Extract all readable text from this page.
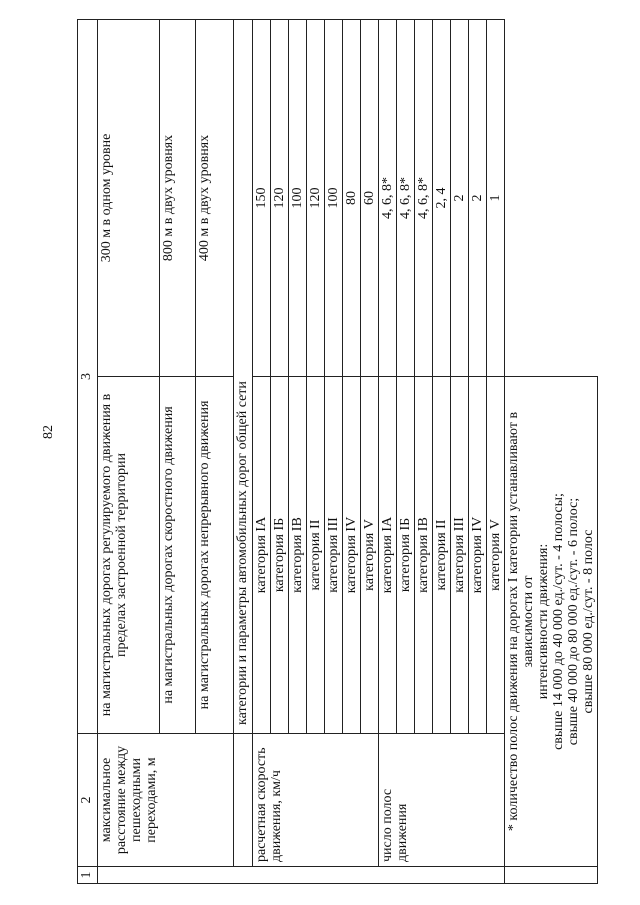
82
1	2	3	
	максимальное расстояние между пешеходными переходами, м	на магистральных дорогах регулируемого движения в пределах застроенной территории	300 м в одном уровне
		на магистральных дорогах скоростного движения	800 м в двух уровнях
		на магистральных дорогах непрерывного движения	400 м в двух уровнях
		категории и параметры автомобильных дорог общей сети	
	расчетная скорость движения, км/ч	категория IА	150
		категория IБ	120
		категория IВ	100
		категория II	120
		категория III	100
		категория IV	80
		категория V	60
	число полос движения	категория IА	4, 6, 8*
		категория IБ	4, 6, 8*
		категория IВ	4, 6, 8*
		категория II	2, 4
		категория III	2
		категория IV	2
		категория V	1

	* количество полос движения на дорогах I категории устанавливают в зависимости от интенсивности движения: свыше 14 000 до 40 000 ед./сут. - 4 полосы; свыше 40 000 до 80 000 ед./сут. - 6 полос; свыше 80 000 ед./сут. - 8 полос		
